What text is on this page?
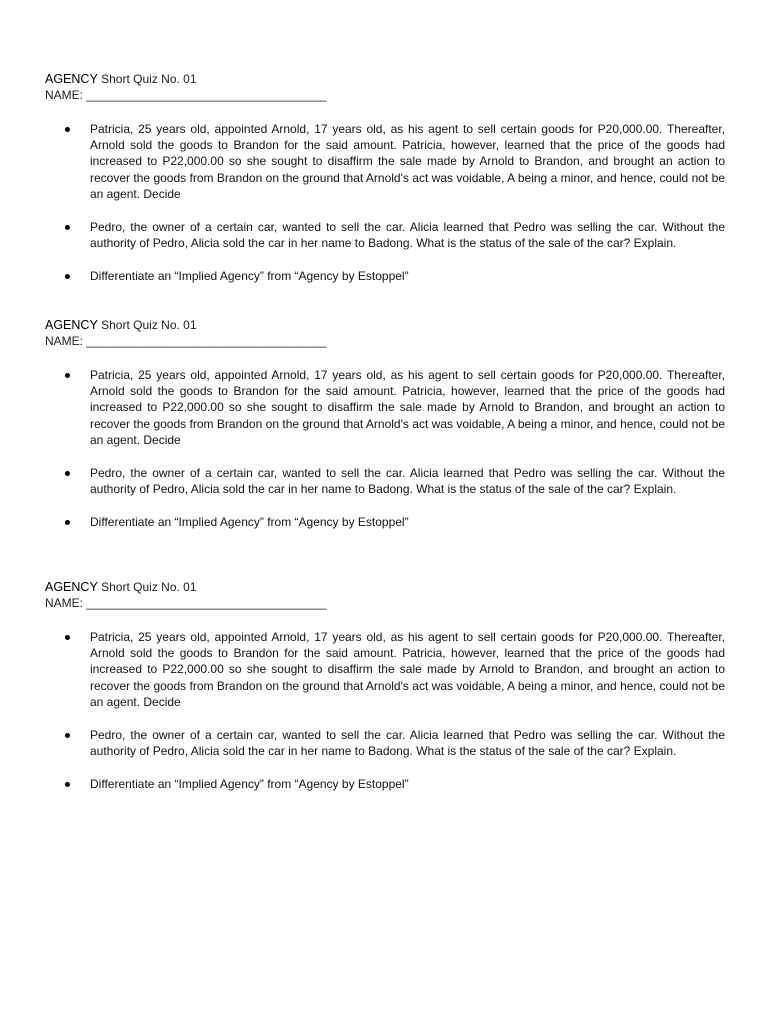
AGENCY Short Quiz No. 01

NAME: ____________________________________

Patricia, 25 years old, appointed Arnold, 17 years old, as his agent to sell certain goods for P20,000.00. Thereafter, Arnold sold the goods to Brandon for the said amount. Patricia, however, learned that the price of the goods had increased to P22,000.00 so she sought to disaffirm the sale made by Arnold to Brandon, and brought an action to recover the goods from Brandon on the ground that Arnold's act was voidable, A being a minor, and hence, could not be an agent. Decide
Pedro, the owner of a certain car, wanted to sell the car. Alicia learned that Pedro was selling the car. Without the authority of Pedro, Alicia sold the car in her name to Badong. What is the status of the sale of the car? Explain.
Differentiate an “Implied Agency” from “Agency by Estoppel”

AGENCY Short Quiz No. 01

NAME: ____________________________________

Patricia, 25 years old, appointed Arnold, 17 years old, as his agent to sell certain goods for P20,000.00. Thereafter, Arnold sold the goods to Brandon for the said amount. Patricia, however, learned that the price of the goods had increased to P22,000.00 so she sought to disaffirm the sale made by Arnold to Brandon, and brought an action to recover the goods from Brandon on the ground that Arnold's act was voidable, A being a minor, and hence, could not be an agent. Decide
Pedro, the owner of a certain car, wanted to sell the car. Alicia learned that Pedro was selling the car. Without the authority of Pedro, Alicia sold the car in her name to Badong. What is the status of the sale of the car? Explain.
Differentiate an “Implied Agency” from “Agency by Estoppel”

AGENCY Short Quiz No. 01

NAME: ____________________________________

Patricia, 25 years old, appointed Arnold, 17 years old, as his agent to sell certain goods for P20,000.00. Thereafter, Arnold sold the goods to Brandon for the said amount. Patricia, however, learned that the price of the goods had increased to P22,000.00 so she sought to disaffirm the sale made by Arnold to Brandon, and brought an action to recover the goods from Brandon on the ground that Arnold's act was voidable, A being a minor, and hence, could not be an agent. Decide
Pedro, the owner of a certain car, wanted to sell the car. Alicia learned that Pedro was selling the car. Without the authority of Pedro, Alicia sold the car in her name to Badong. What is the status of the sale of the car? Explain.
Differentiate an “Implied Agency” from “Agency by Estoppel”
